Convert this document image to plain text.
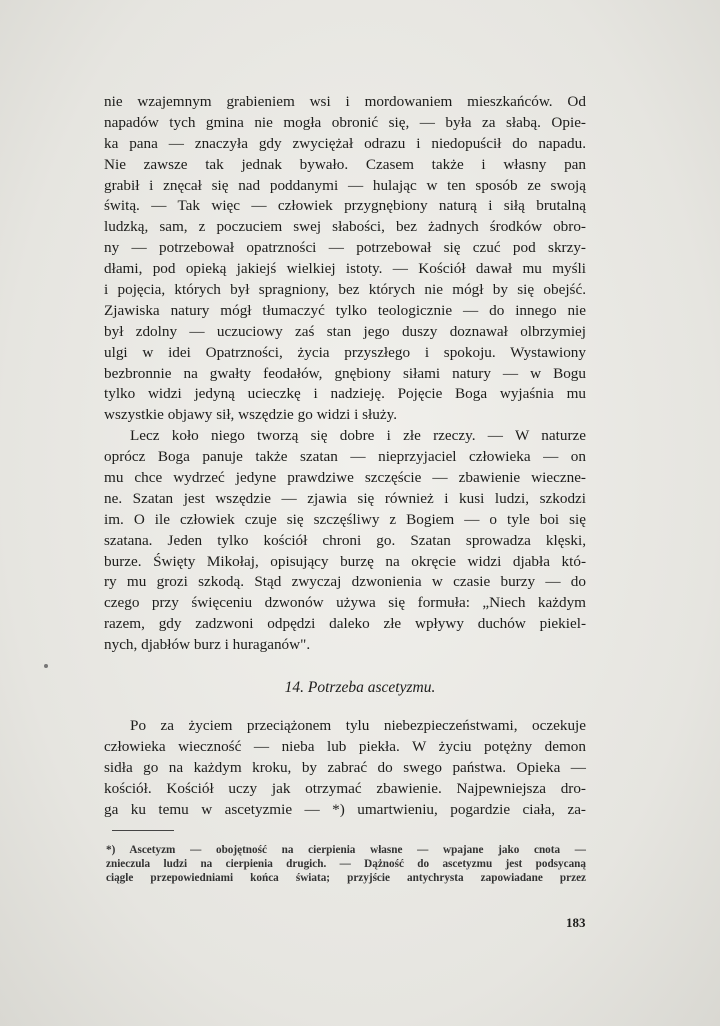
nie wzajemnym grabieniem wsi i mordowaniem mieszkańców. Od
napadów tych gmina nie mogła obronić się, — była za słabą. Opie-
ka pana — znaczyła gdy zwyciężał odrazu i niedopuścił do napadu.
Nie zawsze tak jednak bywało. Czasem także i własny pan
grabił i znęcał się nad poddanymi — hulając w ten sposób ze swoją
świtą. — Tak więc — człowiek przygnębiony naturą i siłą brutalną
ludzką, sam, z poczuciem swej słabości, bez żadnych środków obro-
ny — potrzebował opatrzności — potrzebował się czuć pod skrzy-
dłami, pod opieką jakiejś wielkiej istoty. — Kościół dawał mu myśli
i pojęcia, których był spragniony, bez których nie mógł by się obejść.
Zjawiska natury mógł tłumaczyć tylko teologicznie — do innego nie
był zdolny — uczuciowy zaś stan jego duszy doznawał olbrzymiej
ulgi w idei Opatrzności, życia przyszłego i spokoju. Wystawiony
bezbronnie na gwałty feodałów, gnębiony siłami natury — w Bogu
tylko widzi jedyną ucieczkę i nadzieję. Pojęcie Boga wyjaśnia mu
wszystkie objawy sił, wszędzie go widzi i służy.
Lecz koło niego tworzą się dobre i złe rzeczy. — W naturze
oprócz Boga panuje także szatan — nieprzyjaciel człowieka — on
mu chce wydrzeć jedyne prawdziwe szczęście — zbawienie wieczne-
ne. Szatan jest wszędzie — zjawia się również i kusi ludzi, szkodzi
im. O ile człowiek czuje się szczęśliwy z Bogiem — o tyle boi się
szatana. Jeden tylko kościół chroni go. Szatan sprowadza klęski,
burze. Święty Mikołaj, opisujący burzę na okręcie widzi djabła któ-
ry mu grozi szkodą. Stąd zwyczaj dzwonienia w czasie burzy — do
czego przy święceniu dzwonów używa się formuła: „Niech każdym
razem, gdy zadzwoni odpędzi daleko złe wpływy duchów piekiel-
nych, djabłów burz i huraganów".
14. Potrzeba ascetyzmu.
Po za życiem przeciążonem tylu niebezpieczeństwami, oczekuje
człowieka wieczność — nieba lub piekła. W życiu potężny demon
sidła go na każdym kroku, by zabrać do swego państwa. Opieka —
kościół. Kościół uczy jak otrzymać zbawienie. Najpewniejsza dro-
ga ku temu w ascetyzmie — *) umartwieniu, pogardzie ciała, za-
*) Ascetyzm — obojętność na cierpienia własne — wpajane jako cnota —
znieczula ludzi na cierpienia drugich. — Dążność do ascetyzmu jest podsycaną
ciągle przepowiedniami końca świata; przyjście antychrysta zapowiadane przez
183
